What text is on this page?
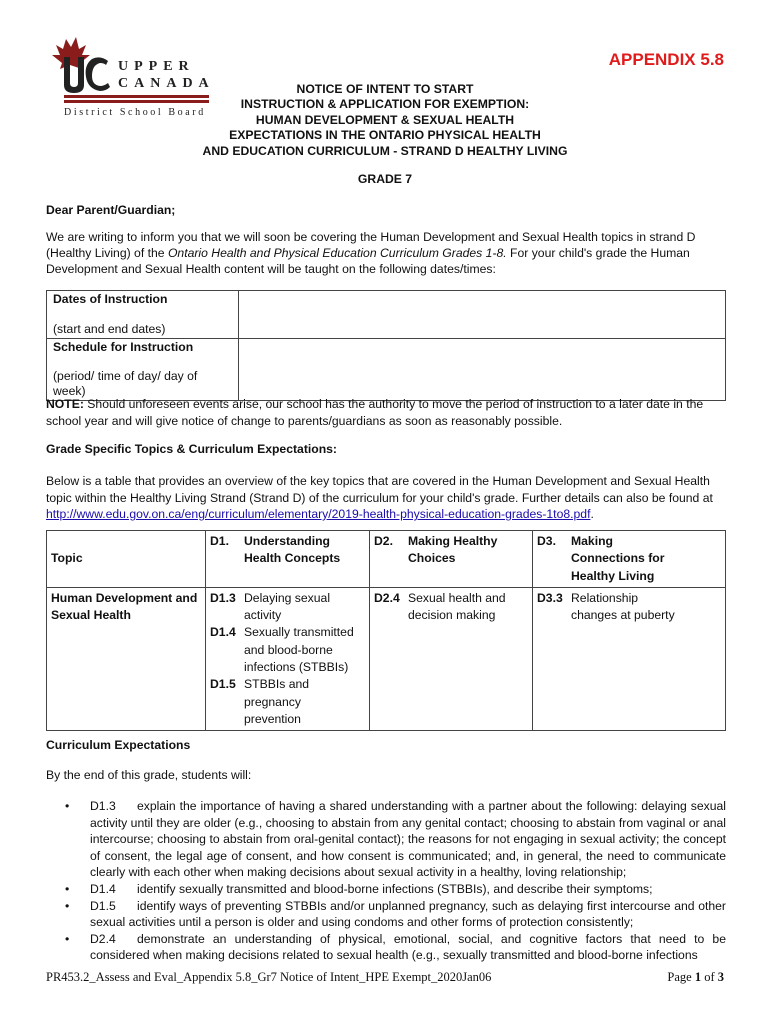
UPPER
CANADA
District School Board
APPENDIX 5.8
NOTICE OF INTENT TO START
INSTRUCTION & APPLICATION FOR EXEMPTION:
HUMAN DEVELOPMENT & SEXUAL HEALTH
EXPECTATIONS IN THE ONTARIO PHYSICAL HEALTH
AND EDUCATION CURRICULUM - STRAND D HEALTHY LIVING
GRADE 7
Dear Parent/Guardian;
We are writing to inform you that we will soon be covering the Human Development and Sexual Health topics in strand D (Healthy Living) of the Ontario Health and Physical Education Curriculum Grades 1-8. For your child's grade the Human Development and Sexual Health content will be taught on the following dates/times:
Dates of Instruction
(start and end dates)	

Schedule for Instruction
(period/ time of day/ day of week)	

NOTE: Should unforeseen events arise, our school has the authority to move the period of instruction to a later date in the school year and will give notice of change to parents/guardians as soon as reasonably possible.
Grade Specific Topics & Curriculum Expectations:
Below is a table that provides an overview of the key topics that are covered in the Human Development and Sexual Health topic within the Healthy Living Strand (Strand D) of the curriculum for your child's grade. Further details can also be found at http://www.edu.gov.on.ca/eng/curriculum/elementary/2019-health-physical-education-grades-1to8.pdf.
Topic	D1. Understanding Health Concepts	D2. Making Healthy Choices	D3. Making Connections for Healthy Living
Human Development and Sexual Health	D1.3 Delaying sexual activity
D1.4 Sexually transmitted and blood-borne infections (STBBIs)
D1.5 STBBIs and pregnancy prevention	D2.4 Sexual health and decision making	D3.3 Relationship changes at puberty
Curriculum Expectations
By the end of this grade, students will:
• D1.3 explain the importance of having a shared understanding with a partner about the following: delaying sexual activity until they are older (e.g., choosing to abstain from any genital contact; choosing to abstain from vaginal or anal intercourse; choosing to abstain from oral-genital contact); the reasons for not engaging in sexual activity; the concept of consent, the legal age of consent, and how consent is communicated; and, in general, the need to communicate clearly with each other when making decisions about sexual activity in a healthy, loving relationship;
• D1.4 identify sexually transmitted and blood-borne infections (STBBIs), and describe their symptoms;
• D1.5 identify ways of preventing STBBIs and/or unplanned pregnancy, such as delaying first intercourse and other sexual activities until a person is older and using condoms and other forms of protection consistently;
• D2.4 demonstrate an understanding of physical, emotional, social, and cognitive factors that need to be considered when making decisions related to sexual health (e.g., sexually transmitted and blood-borne infections
PR453.2_Assess and Eval_Appendix 5.8_Gr7 Notice of Intent_HPE Exempt_2020Jan06	Page 1 of 3
